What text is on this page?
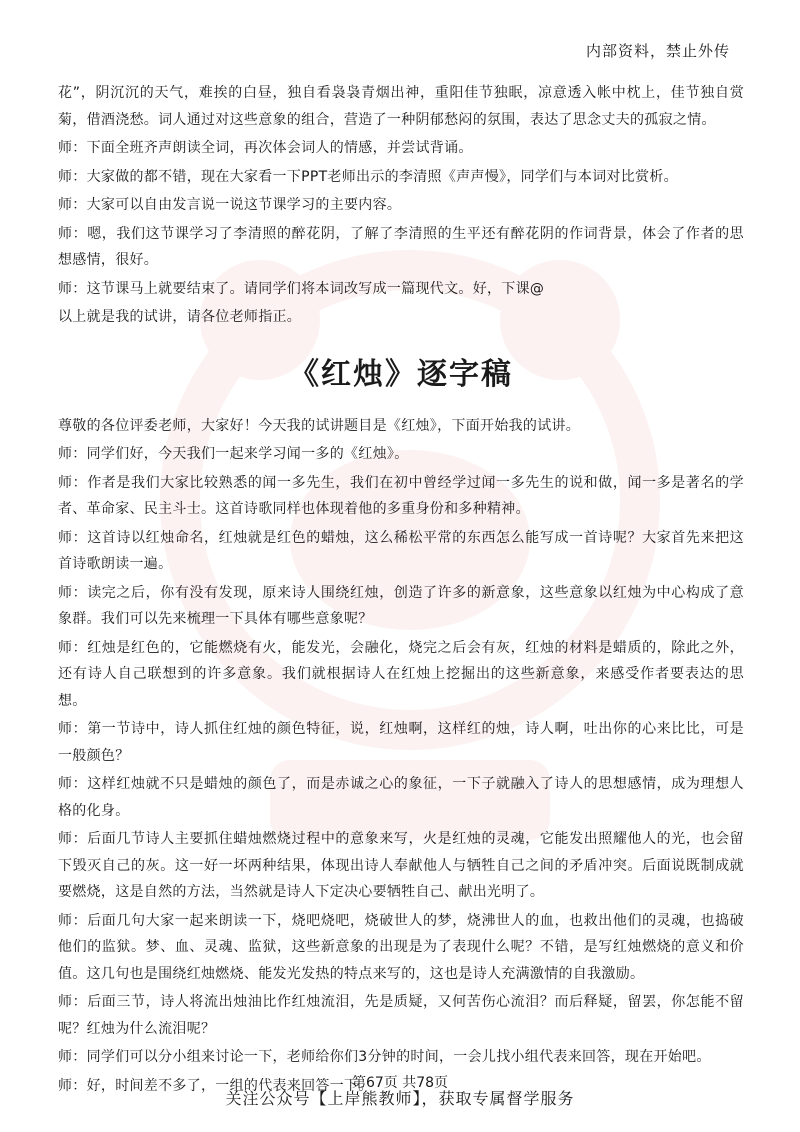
内部资料，禁止外传

花”，阴沉沉的天气，难挨的白昼，独自看袅袅青烟出神，重阳佳节独眠，凉意透入帐中枕上，佳节独自赏菊，借酒浇愁。词人通过对这些意象的组合，营造了一种阴郁愁闷的氛围，表达了思念丈夫的孤寂之情。

师：下面全班齐声朗读全词，再次体会词人的情感，并尝试背诵。

师：大家做的都不错，现在大家看一下PPT老师出示的李清照《声声慢》，同学们与本词对比赏析。

师：大家可以自由发言说一说这节课学习的主要内容。

师：嗯，我们这节课学习了李清照的醉花阴，了解了李清照的生平还有醉花阴的作词背景，体会了作者的思想感情，很好。

师：这节课马上就要结束了。请同学们将本词改写成一篇现代文。好，下课@

以上就是我的试讲，请各位老师指正。

《红烛》逐字稿

尊敬的各位评委老师，大家好！今天我的试讲题目是《红烛》，下面开始我的试讲。

师：同学们好，今天我们一起来学习闻一多的《红烛》。

师：作者是我们大家比较熟悉的闻一多先生，我们在初中曾经学过闻一多先生的说和做，闻一多是著名的学者、革命家、民主斗士。这首诗歌同样也体现着他的多重身份和多种精神。

师：这首诗以红烛命名，红烛就是红色的蜡烛，这么稀松平常的东西怎么能写成一首诗呢？大家首先来把这首诗歌朗读一遍。

师：读完之后，你有没有发现，原来诗人围绕红烛，创造了许多的新意象，这些意象以红烛为中心构成了意象群。我们可以先来梳理一下具体有哪些意象呢？

师：红烛是红色的，它能燃烧有火，能发光，会融化，烧完之后会有灰，红烛的材料是蜡质的，除此之外，还有诗人自己联想到的许多意象。我们就根据诗人在红烛上挖掘出的这些新意象，来感受作者要表达的思想。

师：第一节诗中，诗人抓住红烛的颜色特征，说，红烛啊，这样红的烛，诗人啊，吐出你的心来比比，可是一般颜色？

师：这样红烛就不只是蜡烛的颜色了，而是赤诚之心的象征，一下子就融入了诗人的思想感情，成为理想人格的化身。

师：后面几节诗人主要抓住蜡烛燃烧过程中的意象来写，火是红烛的灵魂，它能发出照耀他人的光，也会留下毁灭自己的灰。这一好一坏两种结果，体现出诗人奉献他人与牺牲自己之间的矛盾冲突。后面说既制成就要燃烧，这是自然的方法，当然就是诗人下定决心要牺牲自己、献出光明了。

师：后面几句大家一起来朗读一下，烧吧烧吧，烧破世人的梦，烧沸世人的血，也救出他们的灵魂，也捣破他们的监狱。梦、血、灵魂、监狱，这些新意象的出现是为了表现什么呢？不错，是写红烛燃烧的意义和价值。这几句也是围绕红烛燃烧、能发光发热的特点来写的，这也是诗人充满激情的自我激励。

师：后面三节，诗人将流出烛油比作红烛流泪，先是质疑，又何苦伤心流泪？而后释疑，留罢，你怎能不留呢？红烛为什么流泪呢？

师：同学们可以分小组来讨论一下，老师给你们3分钟的时间，一会儿找小组代表来回答，现在开始吧。

师：好，时间差不多了，一组的代表来回答一下。

第67页 共78页
关注公众号【上岸熊教师】，获取专属督学服务
